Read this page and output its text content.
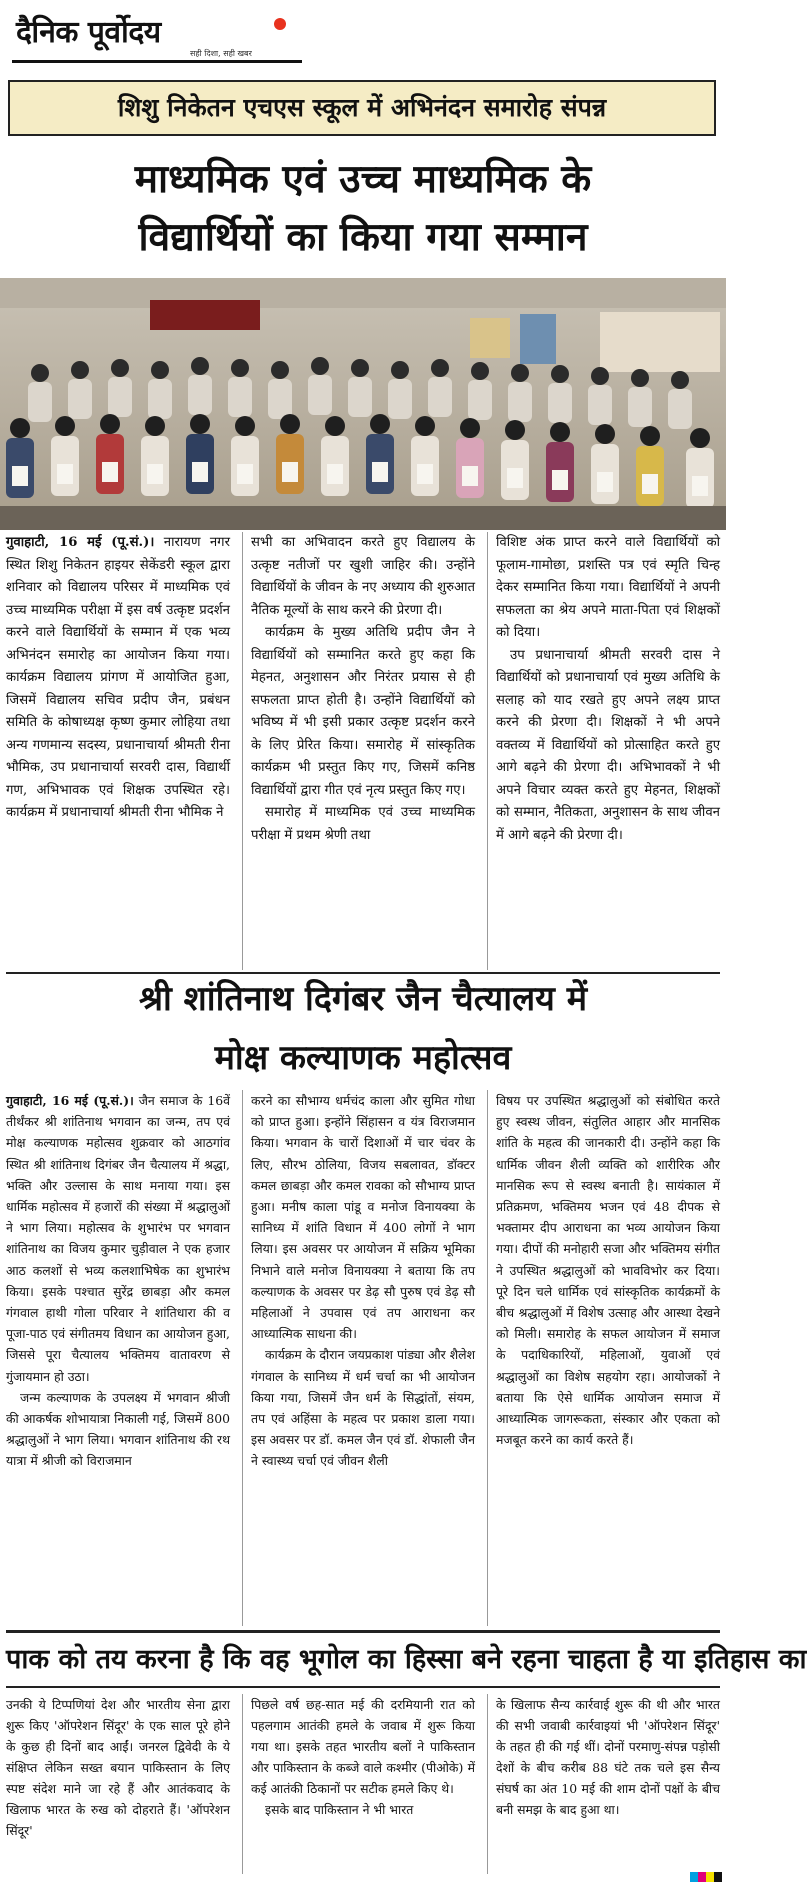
दैनिक पूर्वोदय
सही दिशा, सही खबर
शिशु निकेतन एचएस स्कूल में अभिनंदन समारोह संपन्न
माध्यमिक एवं उच्च माध्यमिक के
विद्यार्थियों का किया गया सम्मान

गुवाहाटी, 16 मई (पू.सं.)। नारायण नगर स्थित शिशु निकेतन हाइयर सेकेंडरी स्कूल द्वारा शनिवार को विद्यालय परिसर में माध्यमिक एवं उच्च माध्यमिक परीक्षा में इस वर्ष उत्कृष्ट प्रदर्शन करने वाले विद्यार्थियों के सम्मान में एक भव्य अभिनंदन समारोह का आयोजन किया गया। कार्यक्रम विद्यालय प्रांगण में आयोजित हुआ, जिसमें विद्यालय सचिव प्रदीप जैन, प्रबंधन समिति के कोषाध्यक्ष कृष्ण कुमार लोहिया तथा अन्य गणमान्य सदस्य, प्रधानाचार्या श्रीमती रीना भौमिक, उप प्रधानाचार्या सरवरी दास, विद्यार्थी गण, अभिभावक एवं शिक्षक उपस्थित रहे। कार्यक्रम में प्रधानाचार्या श्रीमती रीना भौमिक ने

सभी का अभिवादन करते हुए विद्यालय के उत्कृष्ट नतीजों पर खुशी जाहिर की। उन्होंने विद्यार्थियों के जीवन के नए अध्याय की शुरुआत नैतिक मूल्यों के साथ करने की प्रेरणा दी।

कार्यक्रम के मुख्य अतिथि प्रदीप जैन ने विद्यार्थियों को सम्मानित करते हुए कहा कि मेहनत, अनुशासन और निरंतर प्रयास से ही सफलता प्राप्त होती है। उन्होंने विद्यार्थियों को भविष्य में भी इसी प्रकार उत्कृष्ट प्रदर्शन करने के लिए प्रेरित किया। समारोह में सांस्कृतिक कार्यक्रम भी प्रस्तुत किए गए, जिसमें कनिष्ठ विद्यार्थियों द्वारा गीत एवं नृत्य प्रस्तुत किए गए।

समारोह में माध्यमिक एवं उच्च माध्यमिक परीक्षा में प्रथम श्रेणी तथा

विशिष्ट अंक प्राप्त करने वाले विद्यार्थियों को फूलाम-गामोछा, प्रशस्ति पत्र एवं स्मृति चिन्ह देकर सम्मानित किया गया। विद्यार्थियों ने अपनी सफलता का श्रेय अपने माता-पिता एवं शिक्षकों को दिया।

उप प्रधानाचार्या श्रीमती सरवरी दास ने विद्यार्थियों को प्रधानाचार्या एवं मुख्य अतिथि के सलाह को याद रखते हुए अपने लक्ष्य प्राप्त करने की प्रेरणा दी। शिक्षकों ने भी अपने वक्तव्य में विद्यार्थियों को प्रोत्साहित करते हुए आगे बढ़ने की प्रेरणा दी। अभिभावकों ने भी अपने विचार व्यक्त करते हुए मेहनत, शिक्षकों को सम्मान, नैतिकता, अनुशासन के साथ जीवन में आगे बढ़ने की प्रेरणा दी।

श्री शांतिनाथ दिगंबर जैन चैत्यालय में
मोक्ष कल्याणक महोत्सव

गुवाहाटी, 16 मई (पू.सं.)। जैन समाज के 16वें तीर्थंकर श्री शांतिनाथ भगवान का जन्म, तप एवं मोक्ष कल्याणक महोत्सव शुक्रवार को आठगांव स्थित श्री शांतिनाथ दिगंबर जैन चैत्यालय में श्रद्धा, भक्ति और उल्लास के साथ मनाया गया। इस धार्मिक महोत्सव में हजारों की संख्या में श्रद्धालुओं ने भाग लिया। महोत्सव के शुभारंभ पर भगवान शांतिनाथ का विजय कुमार चुड़ीवाल ने एक हजार आठ कलशों से भव्य कलशाभिषेक का शुभारंभ किया। इसके पश्चात सुरेंद्र छाबड़ा और कमल गंगवाल हाथी गोला परिवार ने शांतिधारा की व पूजा-पाठ एवं संगीतमय विधान का आयोजन हुआ, जिससे पूरा चैत्यालय भक्तिमय वातावरण से गुंजायमान हो उठा।

जन्म कल्याणक के उपलक्ष्य में भगवान श्रीजी की आकर्षक शोभायात्रा निकाली गई, जिसमें 800 श्रद्धालुओं ने भाग लिया। भगवान शांतिनाथ की रथ यात्रा में श्रीजी को विराजमान

करने का सौभाग्य धर्मचंद काला और सुमित गोधा को प्राप्त हुआ। इन्होंने सिंहासन व यंत्र विराजमान किया। भगवान के चारों दिशाओं में चार चंवर के लिए, सौरभ ठोलिया, विजय सबलावत, डॉक्टर कमल छाबड़ा और कमल रावका को सौभाग्य प्राप्त हुआ। मनीष काला पांडू व मनोज विनायक्या के सानिध्य में शांति विधान में 400 लोगों ने भाग लिया। इस अवसर पर आयोजन में सक्रिय भूमिका निभाने वाले मनोज विनायक्या ने बताया कि तप कल्याणक के अवसर पर डेढ़ सौ पुरुष एवं डेढ़ सौ महिलाओं ने उपवास एवं तप आराधना कर आध्यात्मिक साधना की।

कार्यक्रम के दौरान जयप्रकाश पांड्या और शैलेश गंगवाल के सानिध्य में धर्म चर्चा का भी आयोजन किया गया, जिसमें जैन धर्म के सिद्धांतों, संयम, तप एवं अहिंसा के महत्व पर प्रकाश डाला गया। इस अवसर पर डॉ. कमल जैन एवं डॉ. शेफाली जैन ने स्वास्थ्य चर्चा एवं जीवन शैली

विषय पर उपस्थित श्रद्धालुओं को संबोधित करते हुए स्वस्थ जीवन, संतुलित आहार और मानसिक शांति के महत्व की जानकारी दी। उन्होंने कहा कि धार्मिक जीवन शैली व्यक्ति को शारीरिक और मानसिक रूप से स्वस्थ बनाती है। सायंकाल में प्रतिक्रमण, भक्तिमय भजन एवं 48 दीपक से भक्तामर दीप आराधना का भव्य आयोजन किया गया। दीपों की मनोहारी सजा और भक्तिमय संगीत ने उपस्थित श्रद्धालुओं को भावविभोर कर दिया। पूरे दिन चले धार्मिक एवं सांस्कृतिक कार्यक्रमों के बीच श्रद्धालुओं में विशेष उत्साह और आस्था देखने को मिली। समारोह के सफल आयोजन में समाज के पदाधिकारियों, महिलाओं, युवाओं एवं श्रद्धालुओं का विशेष सहयोग रहा। आयोजकों ने बताया कि ऐसे धार्मिक आयोजन समाज में आध्यात्मिक जागरूकता, संस्कार और एकता को मजबूत करने का कार्य करते हैं।

पाक को तय करना है कि वह भूगोल का हिस्सा बने रहना चाहता है या इतिहास का

उनकी ये टिप्पणियां देश और भारतीय सेना द्वारा शुरू किए 'ऑपरेशन सिंदूर' के एक साल पूरे होने के कुछ ही दिनों बाद आईं। जनरल द्विवेदी के ये संक्षिप्त लेकिन सख्त बयान पाकिस्तान के लिए स्पष्ट संदेश माने जा रहे हैं और आतंकवाद के खिलाफ भारत के रुख को दोहराते हैं। 'ऑपरेशन सिंदूर'

पिछले वर्ष छह-सात मई की दरमियानी रात को पहलगाम आतंकी हमले के जवाब में शुरू किया गया था। इसके तहत भारतीय बलों ने पाकिस्तान और पाकिस्तान के कब्जे वाले कश्मीर (पीओके) में कई आतंकी ठिकानों पर सटीक हमले किए थे।

इसके बाद पाकिस्तान ने भी भारत

के खिलाफ सैन्य कार्रवाई शुरू की थी और भारत की सभी जवाबी कार्रवाइयां भी 'ऑपरेशन सिंदूर' के तहत ही की गई थीं। दोनों परमाणु-संपन्न पड़ोसी देशों के बीच करीब 88 घंटे तक चले इस सैन्य संघर्ष का अंत 10 मई की शाम दोनों पक्षों के बीच बनी समझ के बाद हुआ था।
